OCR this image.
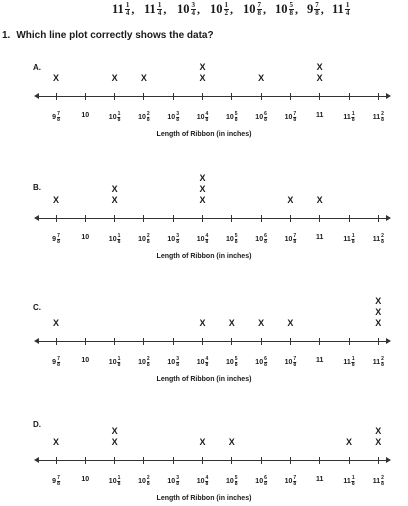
$11 \frac{1}{4}$ , $11 \frac{1}{4}$ , $10 \frac{3}{4}$ , $10 \frac{1}{2}$ , $10 \frac{7}{8}$ , $10 \frac{5}{8}$ , $9 \frac{7}{8}$ , $11 \frac{1}{4}$
1. Which line plot correctly shows the data?
A.
$9 \frac{7}{8}$
X
10	$10 \frac{1}{8}$
X
$10 \frac{2}{8}$
X
$10 \frac{3}{8}$	$10 \frac{4}{8}$
X
X
$10 \frac{5}{8}$	$10 \frac{6}{8}$
X
$10 \frac{7}{8}$	11
X
X
$11 \frac{1}{8}$	$11 \frac{2}{8}$
Length of Ribbon (in inches)
B.
$9 \frac{7}{8}$
X
10	$10 \frac{1}{8}$
X
X
$10 \frac{2}{8}$	$10 \frac{3}{8}$	$10 \frac{4}{8}$
X
X
X
$10 \frac{5}{8}$	$10 \frac{6}{8}$	$10 \frac{7}{8}$
X
11
X
$11 \frac{1}{8}$	$11 \frac{2}{8}$
Length of Ribbon (in inches)
C.
$9 \frac{7}{8}$
X
10	$10 \frac{1}{8}$	$10 \frac{2}{8}$	$10 \frac{3}{8}$	$10 \frac{4}{8}$
X
$10 \frac{5}{8}$
X
$10 \frac{6}{8}$
X
$10 \frac{7}{8}$
X
11	$11 \frac{1}{8}$	$11 \frac{2}{8}$
X
X
X
Length of Ribbon (in inches)
D.
$9 \frac{7}{8}$
X
10	$10 \frac{1}{8}$
X
X
$10 \frac{2}{8}$	$10 \frac{3}{8}$	$10 \frac{4}{8}$
X
$10 \frac{5}{8}$
X
$10 \frac{6}{8}$	$10 \frac{7}{8}$	11	$11 \frac{1}{8}$
X
$11 \frac{2}{8}$
X
X
Length of Ribbon (in inches)
